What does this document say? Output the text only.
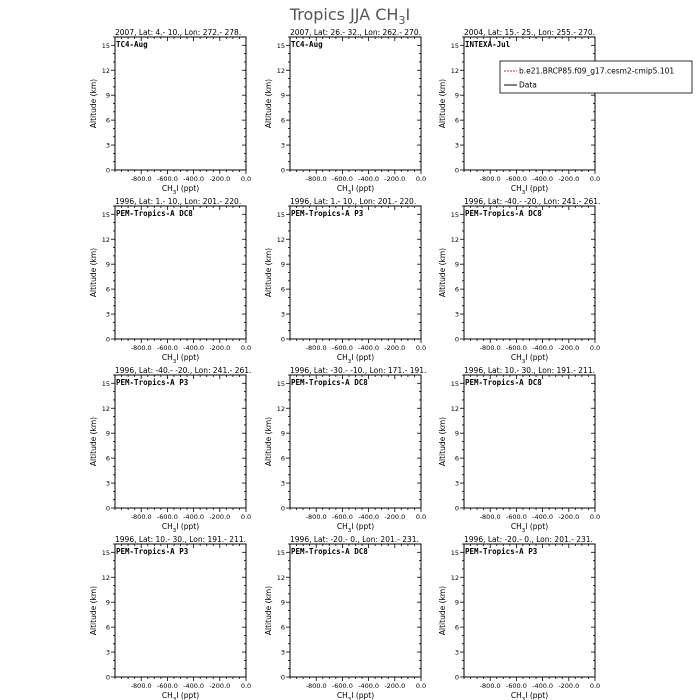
Tropics JJA $CH_3I$
2007, Lat: 4.- 10., Lon: 272.- 278.
TC4-Aug
0
3
6
9
12
15
-800.0 -600.0 -400.0 -200.0 0.0
$CH_3I$ (ppt)
Altitude (km)
2007, Lat: 26.- 32., Lon: 262.- 270.
TC4-Aug
0
3
6
9
12
15
-800.0 -600.0 -400.0 -200.0 0.0
$CH_3I$ (ppt)
Altitude (km)
2004, Lat: 15.- 25., Lon: 255.- 270.
INTEXA-Jul
0
3
6
9
12
15
-800.0 -600.0 -400.0 -200.0 0.0
$CH_3I$ (ppt)
Altitude (km)
1996, Lat: 1.- 10., Lon: 201.- 220.
PEM-Tropics-A DC8
0
3
6
9
12
15
-800.0 -600.0 -400.0 -200.0 0.0
$CH_3I$ (ppt)
Altitude (km)
1996, Lat: 1.- 10., Lon: 201.- 220.
PEM-Tropics-A P3
0
3
6
9
12
15
-800.0 -600.0 -400.0 -200.0 0.0
$CH_3I$ (ppt)
Altitude (km)
1996, Lat: -40.- -20., Lon: 241.- 261.
PEM-Tropics-A DC8
0
3
6
9
12
15
-800.0 -600.0 -400.0 -200.0 0.0
$CH_3I$ (ppt)
Altitude (km)
1996, Lat: -40.- -20., Lon: 241.- 261.
PEM-Tropics-A P3
0
3
6
9
12
15
-800.0 -600.0 -400.0 -200.0 0.0
$CH_3I$ (ppt)
Altitude (km)
1996, Lat: -30.- -10., Lon: 171.- 191.
PEM-Tropics-A DC8
0
3
6
9
12
15
-800.0 -600.0 -400.0 -200.0 0.0
$CH_3I$ (ppt)
Altitude (km)
1996, Lat: 10.- 30., Lon: 191.- 211.
PEM-Tropics-A DC8
0
3
6
9
12
15
-800.0 -600.0 -400.0 -200.0 0.0
$CH_3I$ (ppt)
Altitude (km)
1996, Lat: 10.- 30., Lon: 191.- 211.
PEM-Tropics-A P3
0
3
6
9
12
15
-800.0 -600.0 -400.0 -200.0 0.0
$CH_3I$ (ppt)
Altitude (km)
1996, Lat: -20.- 0., Lon: 201.- 231.
PEM-Tropics-A DC8
0
3
6
9
12
15
-800.0 -600.0 -400.0 -200.0 0.0
$CH_3I$ (ppt)
Altitude (km)
1996, Lat: -20.- 0., Lon: 201.- 231.
PEM-Tropics-A P3
0
3
6
9
12
15
-800.0 -600.0 -400.0 -200.0 0.0
$CH_3I$ (ppt)
Altitude (km)
b.e21.BRCP85.f09_g17.cesm2-cmip5.101
Data
